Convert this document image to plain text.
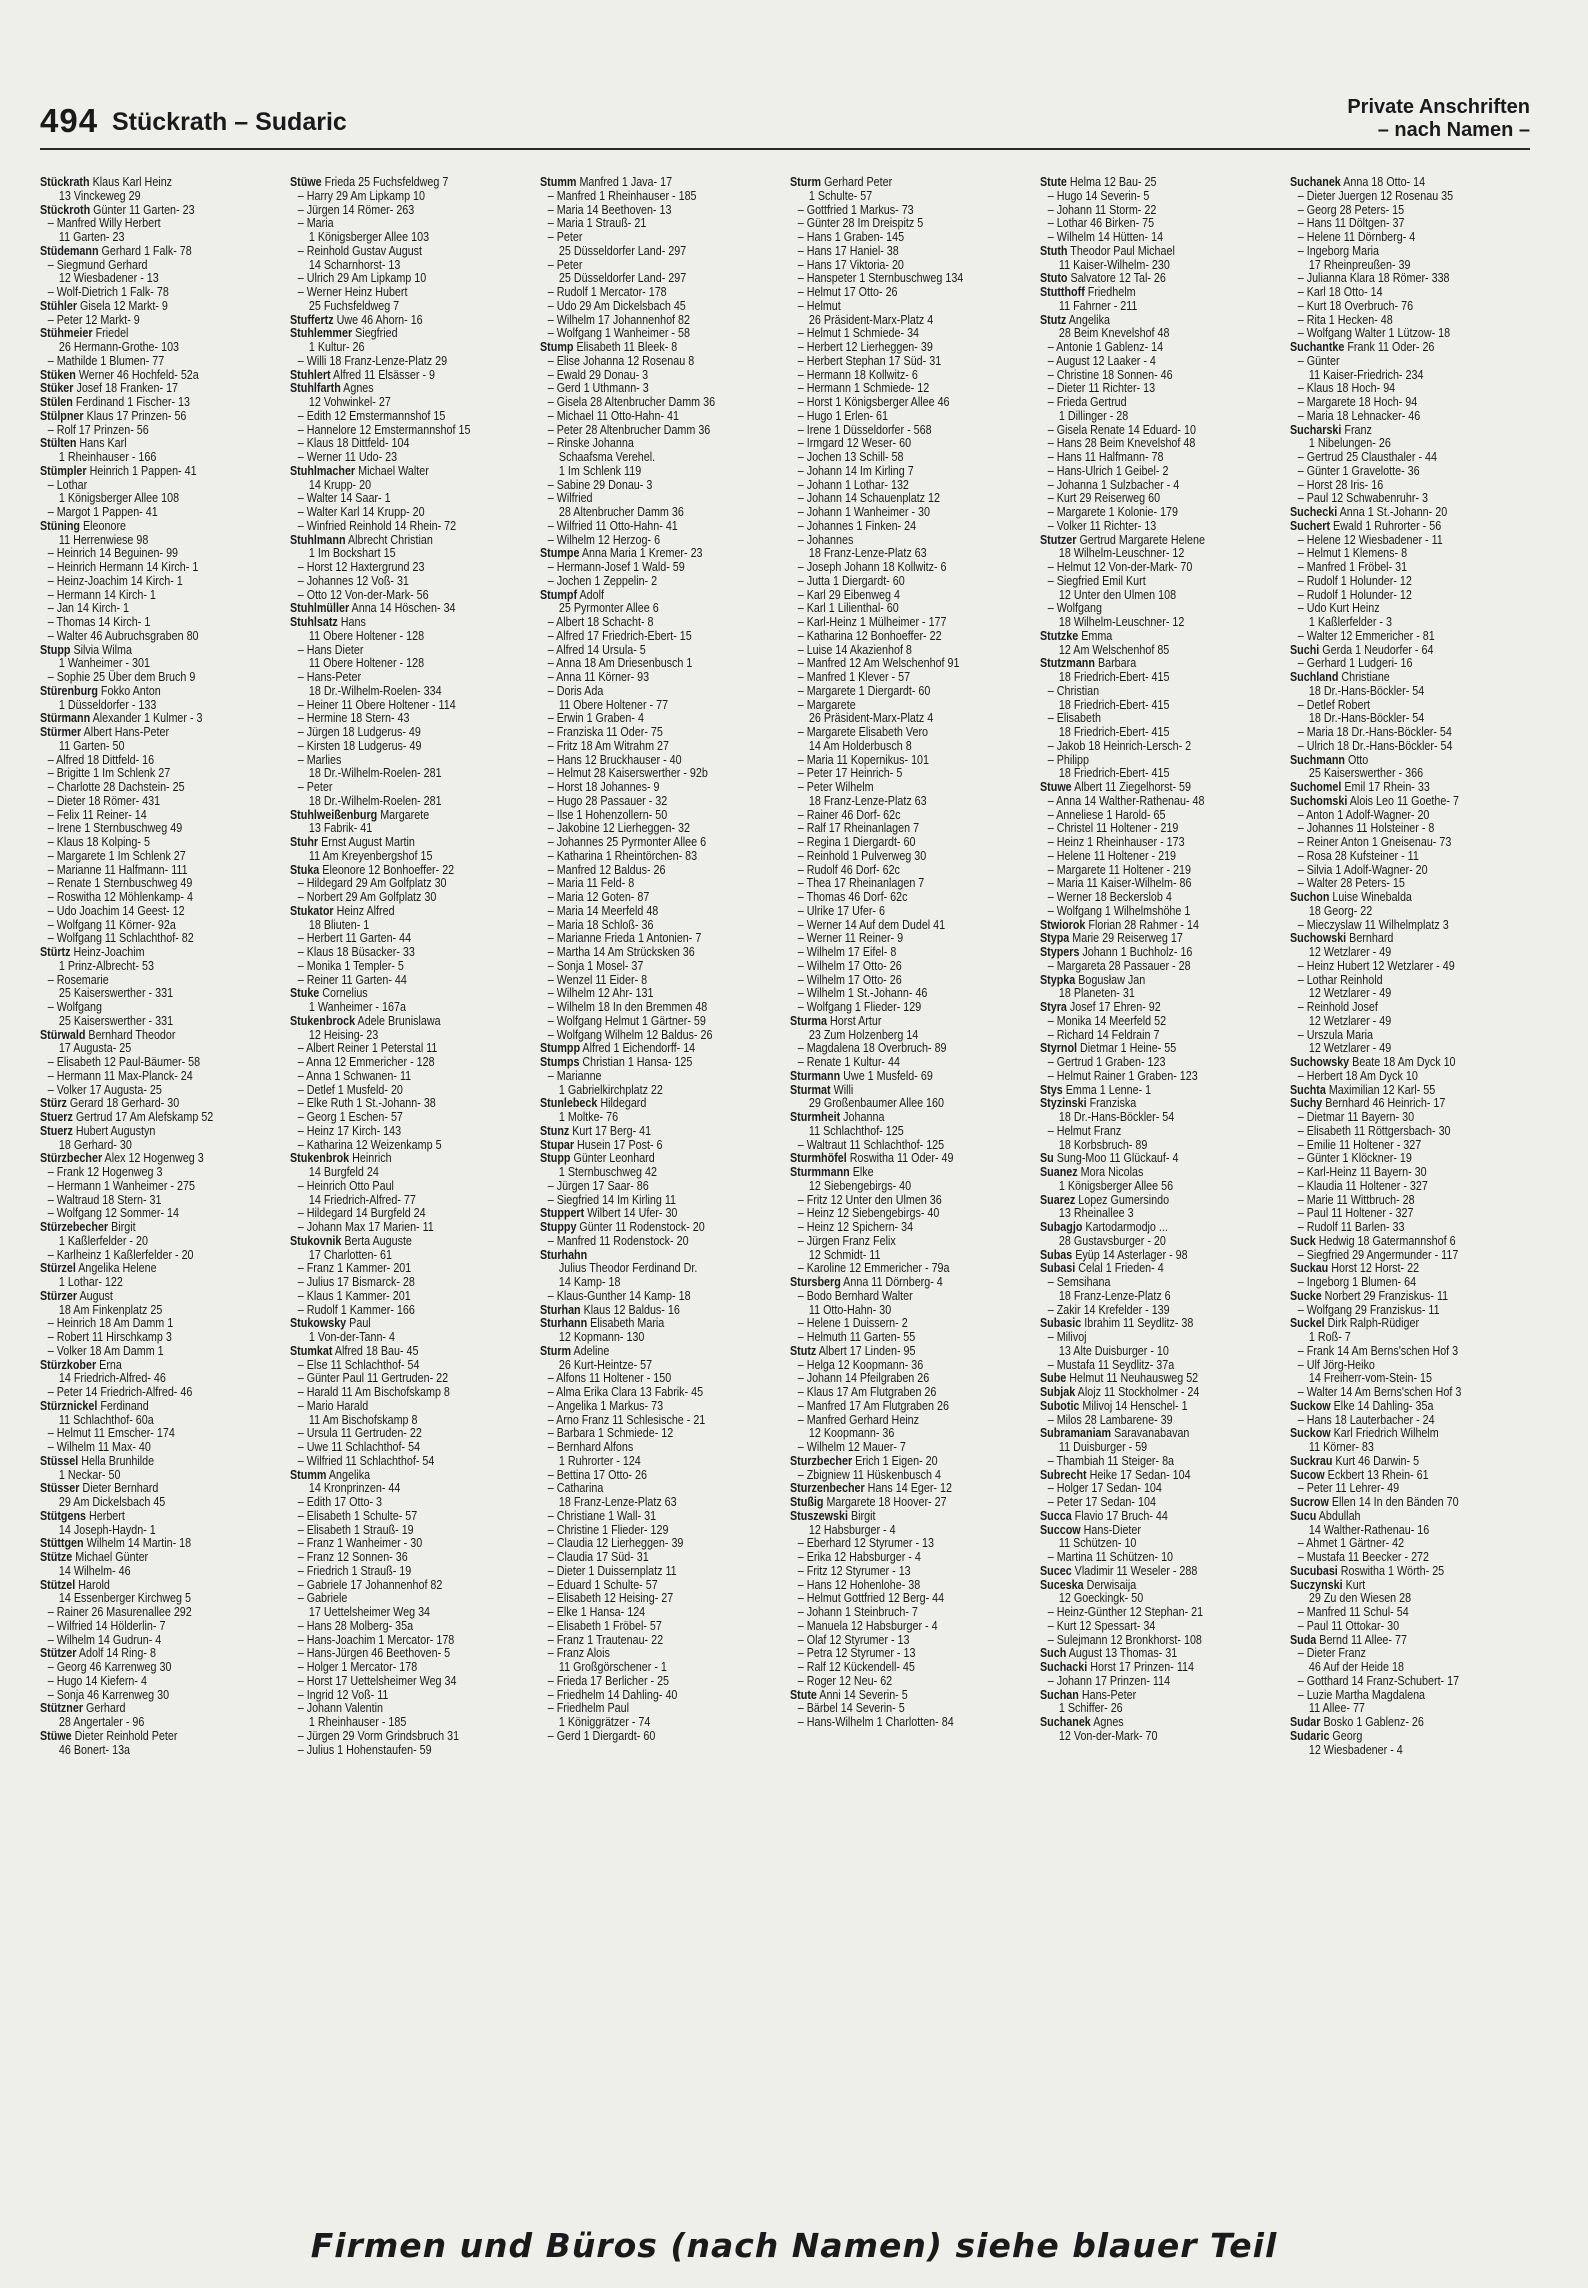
494 Stückrath – Sudaric
Private Anschriften
– nach Namen –
Stückrath Klaus Karl Heinz
13 Vinckeweg 29
Stückroth Günter 11 Garten- 23
– Manfred Willy Herbert
11 Garten- 23
Stüdemann Gerhard 1 Falk- 78
– Siegmund Gerhard
12 Wiesbadener - 13
– Wolf-Dietrich 1 Falk- 78
Stühler Gisela 12 Markt- 9
– Peter 12 Markt- 9
Stühmeier Friedel
26 Hermann-Grothe- 103
– Mathilde 1 Blumen- 77
Stüken Werner 46 Hochfeld- 52a
Stüker Josef 18 Franken- 17
Stülen Ferdinand 1 Fischer- 13
Stülpner Klaus 17 Prinzen- 56
– Rolf 17 Prinzen- 56
Stülten Hans Karl
1 Rheinhauser - 166
Stümpler Heinrich 1 Pappen- 41
– Lothar
1 Königsberger Allee 108
– Margot 1 Pappen- 41
Stüning Eleonore
11 Herrenwiese 98
– Heinrich 14 Beguinen- 99
– Heinrich Hermann 14 Kirch- 1
– Heinz-Joachim 14 Kirch- 1
– Hermann 14 Kirch- 1
– Jan 14 Kirch- 1
– Thomas 14 Kirch- 1
– Walter 46 Aubruchsgraben 80
Stupp Silvia Wilma
1 Wanheimer - 301
– Sophie 25 Über dem Bruch 9
Stürenburg Fokko Anton
1 Düsseldorfer - 133
Stürmann Alexander 1 Kulmer - 3
Stürmer Albert Hans-Peter
11 Garten- 50
– Alfred 18 Dittfeld- 16
– Brigitte 1 Im Schlenk 27
– Charlotte 28 Dachstein- 25
– Dieter 18 Römer- 431
– Felix 11 Reiner- 14
– Irene 1 Sternbuschweg 49
– Klaus 18 Kolping- 5
– Margarete 1 Im Schlenk 27
– Marianne 11 Halfmann- 111
– Renate 1 Sternbuschweg 49
– Roswitha 12 Möhlenkamp- 4
– Udo Joachim 14 Geest- 12
– Wolfgang 11 Körner- 92a
– Wolfgang 11 Schlachthof- 82
Stürtz Heinz-Joachim
1 Prinz-Albrecht- 53
– Rosemarie
25 Kaiserswerther - 331
– Wolfgang
25 Kaiserswerther - 331
Stürwald Bernhard Theodor
17 Augusta- 25
– Elisabeth 12 Paul-Bäumer- 58
– Hermann 11 Max-Planck- 24
– Volker 17 Augusta- 25
Stürz Gerard 18 Gerhard- 30
Stuerz Gertrud 17 Am Alefskamp 52
Stuerz Hubert Augustyn
18 Gerhard- 30
Stürzbecher Alex 12 Hogenweg 3
– Frank 12 Hogenweg 3
– Hermann 1 Wanheimer - 275
– Waltraud 18 Stern- 31
– Wolfgang 12 Sommer- 14
Stürzebecher Birgit
1 Kaßlerfelder - 20
– Karlheinz 1 Kaßlerfelder - 20
Stürzel Angelika Helene
1 Lothar- 122
Stürzer August
18 Am Finkenplatz 25
– Heinrich 18 Am Damm 1
– Robert 11 Hirschkamp 3
– Volker 18 Am Damm 1
Stürzkober Erna
14 Friedrich-Alfred- 46
– Peter 14 Friedrich-Alfred- 46
Stürznickel Ferdinand
11 Schlachthof- 60a
– Helmut 11 Emscher- 174
– Wilhelm 11 Max- 40
Stüssel Hella Brunhilde
1 Neckar- 50
Stüsser Dieter Bernhard
29 Am Dickelsbach 45
Stütgens Herbert
14 Joseph-Haydn- 1
Stüttgen Wilhelm 14 Martin- 18
Stütze Michael Günter
14 Wilhelm- 46
Stützel Harold
14 Essenberger Kirchweg 5
– Rainer 26 Masurenallee 292
– Wilfried 14 Hölderlin- 7
– Wilhelm 14 Gudrun- 4
Stützer Adolf 14 Ring- 8
– Georg 46 Karrenweg 30
– Hugo 14 Kiefern- 4
– Sonja 46 Karrenweg 30
Stützner Gerhard
28 Angertaler - 96
Stüwe Dieter Reinhold Peter
46 Bonert- 13a
Stüwe Frieda 25 Fuchsfeldweg 7
– Harry 29 Am Lipkamp 10
– Jürgen 14 Römer- 263
– Maria
1 Königsberger Allee 103
– Reinhold Gustav August
14 Scharnhorst- 13
– Ulrich 29 Am Lipkamp 10
– Werner Heinz Hubert
25 Fuchsfeldweg 7
Stuffertz Uwe 46 Ahorn- 16
Stuhlemmer Siegfried
1 Kultur- 26
– Willi 18 Franz-Lenze-Platz 29
Stuhlert Alfred 11 Elsässer - 9
Stuhlfarth Agnes
12 Vohwinkel- 27
– Edith 12 Emstermannshof 15
– Hannelore 12 Emstermannshof 15
– Klaus 18 Dittfeld- 104
– Werner 11 Udo- 23
Stuhlmacher Michael Walter
14 Krupp- 20
– Walter 14 Saar- 1
– Walter Karl 14 Krupp- 20
– Winfried Reinhold 14 Rhein- 72
Stuhlmann Albrecht Christian
1 Im Bockshart 15
– Horst 12 Haxtergrund 23
– Johannes 12 Voß- 31
– Otto 12 Von-der-Mark- 56
Stuhlmüller Anna 14 Höschen- 34
Stuhlsatz Hans
11 Obere Holtener - 128
– Hans Dieter
11 Obere Holtener - 128
– Hans-Peter
18 Dr.-Wilhelm-Roelen- 334
– Heiner 11 Obere Holtener - 114
– Hermine 18 Stern- 43
– Jürgen 18 Ludgerus- 49
– Kirsten 18 Ludgerus- 49
– Marlies
18 Dr.-Wilhelm-Roelen- 281
– Peter
18 Dr.-Wilhelm-Roelen- 281
Stuhlweißenburg Margarete
13 Fabrik- 41
Stuhr Ernst August Martin
11 Am Kreyenbergshof 15
Stuka Eleonore 12 Bonhoeffer- 22
– Hildegard 29 Am Golfplatz 30
– Norbert 29 Am Golfplatz 30
Stukator Heinz Alfred
18 Bliuten- 1
– Herbert 11 Garten- 44
– Klaus 18 Büsacker- 33
– Monika 1 Templer- 5
– Reiner 11 Garten- 44
Stuke Cornelius
1 Wanheimer - 167a
Stukenbrock Adele Brunislawa
12 Heising- 23
– Albert Reiner 1 Peterstal 11
– Anna 12 Emmericher - 128
– Anna 1 Schwanen- 11
– Detlef 1 Musfeld- 20
– Elke Ruth 1 St.-Johann- 38
– Georg 1 Eschen- 57
– Heinz 17 Kirch- 143
– Katharina 12 Weizenkamp 5
Stukenbrok Heinrich
14 Burgfeld 24
– Heinrich Otto Paul
14 Friedrich-Alfred- 77
– Hildegard 14 Burgfeld 24
– Johann Max 17 Marien- 11
Stukovnik Berta Auguste
17 Charlotten- 61
– Franz 1 Kammer- 201
– Julius 17 Bismarck- 28
– Klaus 1 Kammer- 201
– Rudolf 1 Kammer- 166
Stukowsky Paul
1 Von-der-Tann- 4
Stumkat Alfred 18 Bau- 45
– Else 11 Schlachthof- 54
– Günter Paul 11 Gertruden- 22
– Harald 11 Am Bischofskamp 8
– Mario Harald
11 Am Bischofskamp 8
– Ursula 11 Gertruden- 22
– Uwe 11 Schlachthof- 54
– Wilfried 11 Schlachthof- 54
Stumm Angelika
14 Kronprinzen- 44
– Edith 17 Otto- 3
– Elisabeth 1 Schulte- 57
– Elisabeth 1 Strauß- 19
– Franz 1 Wanheimer - 30
– Franz 12 Sonnen- 36
– Friedrich 1 Strauß- 19
– Gabriele 17 Johannenhof 82
– Gabriele
17 Uettelsheimer Weg 34
– Hans 28 Molberg- 35a
– Hans-Joachim 1 Mercator- 178
– Hans-Jürgen 46 Beethoven- 5
– Holger 1 Mercator- 178
– Horst 17 Uettelsheimer Weg 34
– Ingrid 12 Voß- 11
– Johann Valentin
1 Rheinhauser - 185
– Jürgen 29 Vorm Grindsbruch 31
– Julius 1 Hohenstaufen- 59
Stumm Manfred 1 Java- 17
– Manfred 1 Rheinhauser - 185
– Maria 14 Beethoven- 13
– Maria 1 Strauß- 21
– Peter
25 Düsseldorfer Land- 297
– Peter
25 Düsseldorfer Land- 297
– Rudolf 1 Mercator- 178
– Udo 29 Am Dickelsbach 45
– Wilhelm 17 Johannenhof 82
– Wolfgang 1 Wanheimer - 58
Stump Elisabeth 11 Bleek- 8
– Elise Johanna 12 Rosenau 8
– Ewald 29 Donau- 3
– Gerd 1 Uthmann- 3
– Gisela 28 Altenbrucher Damm 36
– Michael 11 Otto-Hahn- 41
– Peter 28 Altenbrucher Damm 36
– Rinske Johanna
Schaafsma Verehel.
1 Im Schlenk 119
– Sabine 29 Donau- 3
– Wilfried
28 Altenbrucher Damm 36
– Wilfried 11 Otto-Hahn- 41
– Wilhelm 12 Herzog- 6
Stumpe Anna Maria 1 Kremer- 23
– Hermann-Josef 1 Wald- 59
– Jochen 1 Zeppelin- 2
Stumpf Adolf
25 Pyrmonter Allee 6
– Albert 18 Schacht- 8
– Alfred 17 Friedrich-Ebert- 15
– Alfred 14 Ursula- 5
– Anna 18 Am Driesenbusch 1
– Anna 11 Körner- 93
– Doris Ada
11 Obere Holtener - 77
– Erwin 1 Graben- 4
– Franziska 11 Oder- 75
– Fritz 18 Am Witrahm 27
– Hans 12 Bruckhauser - 40
– Helmut 28 Kaiserswerther - 92b
– Horst 18 Johannes- 9
– Hugo 28 Passauer - 32
– Ilse 1 Hohenzollern- 50
– Jakobine 12 Lierheggen- 32
– Johannes 25 Pyrmonter Allee 6
– Katharina 1 Rheintörchen- 83
– Manfred 12 Baldus- 26
– Maria 11 Feld- 8
– Maria 12 Goten- 87
– Maria 14 Meerfeld 48
– Maria 18 Schloß- 36
– Marianne Frieda 1 Antonien- 7
– Martha 14 Am Strücksken 36
– Sonja 1 Mosel- 37
– Wenzel 11 Eider- 8
– Wilhelm 12 Ahr- 131
– Wilhelm 18 In den Bremmen 48
– Wolfgang Helmut 1 Gärtner- 59
– Wolfgang Wilhelm 12 Baldus- 26
Stumpp Alfred 1 Eichendorff- 14
Stumps Christian 1 Hansa- 125
– Marianne
1 Gabrielkirchplatz 22
Stunlebeck Hildegard
1 Moltke- 76
Stunz Kurt 17 Berg- 41
Stupar Husein 17 Post- 6
Stupp Günter Leonhard
1 Sternbuschweg 42
– Jürgen 17 Saar- 86
– Siegfried 14 Im Kirling 11
Stuppert Wilbert 14 Ufer- 30
Stuppy Günter 11 Rodenstock- 20
– Manfred 11 Rodenstock- 20
Sturhahn
Julius Theodor Ferdinand Dr.
14 Kamp- 18
– Klaus-Gunther 14 Kamp- 18
Sturhan Klaus 12 Baldus- 16
Sturhann Elisabeth Maria
12 Kopmann- 130
Sturm Adeline
26 Kurt-Heintze- 57
– Alfons 11 Holtener - 150
– Alma Erika Clara 13 Fabrik- 45
– Angelika 1 Markus- 73
– Arno Franz 11 Schlesische - 21
– Barbara 1 Schmiede- 12
– Bernhard Alfons
1 Ruhrorter - 124
– Bettina 17 Otto- 26
– Catharina
18 Franz-Lenze-Platz 63
– Christiane 1 Wall- 31
– Christine 1 Flieder- 129
– Claudia 12 Lierheggen- 39
– Claudia 17 Süd- 31
– Dieter 1 Duissernplatz 11
– Eduard 1 Schulte- 57
– Elisabeth 12 Heising- 27
– Elke 1 Hansa- 124
– Elisabeth 1 Fröbel- 57
– Franz 1 Trautenau- 22
– Franz Alois
11 Großgörschener - 1
– Frieda 17 Berlicher - 25
– Friedhelm 14 Dahling- 40
– Friedhelm Paul
1 Königgrätzer - 74
– Gerd 1 Diergardt- 60
Sturm Gerhard Peter
1 Schulte- 57
– Gottfried 1 Markus- 73
– Günter 28 Im Dreispitz 5
– Hans 1 Graben- 145
– Hans 17 Haniel- 38
– Hans 17 Viktoria- 20
– Hanspeter 1 Sternbuschweg 134
– Helmut 17 Otto- 26
– Helmut
26 Präsident-Marx-Platz 4
– Helmut 1 Schmiede- 34
– Herbert 12 Lierheggen- 39
– Herbert Stephan 17 Süd- 31
– Hermann 18 Kollwitz- 6
– Hermann 1 Schmiede- 12
– Horst 1 Königsberger Allee 46
– Hugo 1 Erlen- 61
– Irene 1 Düsseldorfer - 568
– Irmgard 12 Weser- 60
– Jochen 13 Schill- 58
– Johann 14 Im Kirling 7
– Johann 1 Lothar- 132
– Johann 14 Schauenplatz 12
– Johann 1 Wanheimer - 30
– Johannes 1 Finken- 24
– Johannes
18 Franz-Lenze-Platz 63
– Joseph Johann 18 Kollwitz- 6
– Jutta 1 Diergardt- 60
– Karl 29 Eibenweg 4
– Karl 1 Lilienthal- 60
– Karl-Heinz 1 Mülheimer - 177
– Katharina 12 Bonhoeffer- 22
– Luise 14 Akazienhof 8
– Manfred 12 Am Welschenhof 91
– Manfred 1 Klever - 57
– Margarete 1 Diergardt- 60
– Margarete
26 Präsident-Marx-Platz 4
– Margarete Elisabeth Vero
14 Am Holderbusch 8
– Maria 11 Kopernikus- 101
– Peter 17 Heinrich- 5
– Peter Wilhelm
18 Franz-Lenze-Platz 63
– Rainer 46 Dorf- 62c
– Ralf 17 Rheinanlagen 7
– Regina 1 Diergardt- 60
– Reinhold 1 Pulverweg 30
– Rudolf 46 Dorf- 62c
– Thea 17 Rheinanlagen 7
– Thomas 46 Dorf- 62c
– Ulrike 17 Ufer- 6
– Werner 14 Auf dem Dudel 41
– Werner 11 Reiner- 9
– Wilhelm 17 Eifel- 8
– Wilhelm 17 Otto- 26
– Wilhelm 17 Otto- 26
– Wilhelm 1 St.-Johann- 46
– Wolfgang 1 Flieder- 129
Sturma Horst Artur
23 Zum Holzenberg 14
– Magdalena 18 Overbruch- 89
– Renate 1 Kultur- 44
Sturmann Uwe 1 Musfeld- 69
Sturmat Willi
29 Großenbaumer Allee 160
Sturmheit Johanna
11 Schlachthof- 125
– Waltraut 11 Schlachthof- 125
Sturmhöfel Roswitha 11 Oder- 49
Sturmmann Elke
12 Siebengebirgs- 40
– Fritz 12 Unter den Ulmen 36
– Heinz 12 Siebengebirgs- 40
– Heinz 12 Spichern- 34
– Jürgen Franz Felix
12 Schmidt- 11
– Karoline 12 Emmericher - 79a
Stursberg Anna 11 Dörnberg- 4
– Bodo Bernhard Walter
11 Otto-Hahn- 30
– Helene 1 Duissern- 2
– Helmuth 11 Garten- 55
Stutz Albert 17 Linden- 95
– Helga 12 Koopmann- 36
– Johann 14 Pfeilgraben 26
– Klaus 17 Am Flutgraben 26
– Manfred 17 Am Flutgraben 26
– Manfred Gerhard Heinz
12 Koopmann- 36
– Wilhelm 12 Mauer- 7
Sturzbecher Erich 1 Eigen- 20
– Zbigniew 11 Hüskenbusch 4
Sturzenbecher Hans 14 Eger- 12
Stußig Margarete 18 Hoover- 27
Stuszewski Birgit
12 Habsburger - 4
– Eberhard 12 Styrumer - 13
– Erika 12 Habsburger - 4
– Fritz 12 Styrumer - 13
– Hans 12 Hohenlohe- 38
– Helmut Gottfried 12 Berg- 44
– Johann 1 Steinbruch- 7
– Manuela 12 Habsburger - 4
– Olaf 12 Styrumer - 13
– Petra 12 Styrumer - 13
– Ralf 12 Kückendell- 45
– Roger 12 Neu- 62
Stute Anni 14 Severin- 5
– Bärbel 14 Severin- 5
– Hans-Wilhelm 1 Charlotten- 84
Stute Helma 12 Bau- 25
– Hugo 14 Severin- 5
– Johann 11 Storm- 22
– Lothar 46 Birken- 75
– Wilhelm 14 Hütten- 14
Stuth Theodor Paul Michael
11 Kaiser-Wilhelm- 230
Stuto Salvatore 12 Tal- 26
Stutthoff Friedhelm
11 Fahrner - 211
Stutz Angelika
28 Beim Knevelshof 48
– Antonie 1 Gablenz- 14
– August 12 Laaker - 4
– Christine 18 Sonnen- 46
– Dieter 11 Richter- 13
– Frieda Gertrud
1 Dillinger - 28
– Gisela Renate 14 Eduard- 10
– Hans 28 Beim Knevelshof 48
– Hans 11 Halfmann- 78
– Hans-Ulrich 1 Geibel- 2
– Johanna 1 Sulzbacher - 4
– Kurt 29 Reiserweg 60
– Margarete 1 Kolonie- 179
– Volker 11 Richter- 13
Stutzer Gertrud Margarete Helene
18 Wilhelm-Leuschner- 12
– Helmut 12 Von-der-Mark- 70
– Siegfried Emil Kurt
12 Unter den Ulmen 108
– Wolfgang
18 Wilhelm-Leuschner- 12
Stutzke Emma
12 Am Welschenhof 85
Stutzmann Barbara
18 Friedrich-Ebert- 415
– Christian
18 Friedrich-Ebert- 415
– Elisabeth
18 Friedrich-Ebert- 415
– Jakob 18 Heinrich-Lersch- 2
– Philipp
18 Friedrich-Ebert- 415
Stuwe Albert 11 Ziegelhorst- 59
– Anna 14 Walther-Rathenau- 48
– Anneliese 1 Harold- 65
– Christel 11 Holtener - 219
– Heinz 1 Rheinhauser - 173
– Helene 11 Holtener - 219
– Margarete 11 Holtener - 219
– Maria 11 Kaiser-Wilhelm- 86
– Werner 18 Beckerslob 4
– Wolfgang 1 Wilhelmshöhe 1
Stwiorok Florian 28 Rahmer - 14
Stypa Marie 29 Reiserweg 17
Stypers Johann 1 Buchholz- 16
– Margareta 28 Passauer - 28
Stypka Bogusław Jan
18 Planeten- 31
Styra Josef 17 Ehren- 92
– Monika 14 Meerfeld 52
– Richard 14 Feldrain 7
Styrnol Dietmar 1 Heine- 55
– Gertrud 1 Graben- 123
– Helmut Rainer 1 Graben- 123
Stys Emma 1 Lenne- 1
Styzinski Franziska
18 Dr.-Hans-Böckler- 54
– Helmut Franz
18 Korbsbruch- 89
Su Sung-Moo 11 Glückauf- 4
Suanez Mora Nicolas
1 Königsberger Allee 56
Suarez Lopez Gumersindo
13 Rheinallee 3
Subagjo Kartodarmodjo ...
28 Gustavsburger - 20
Subas Eyüp 14 Asterlager - 98
Subasi Celal 1 Frieden- 4
– Semsihana
18 Franz-Lenze-Platz 6
– Zakir 14 Krefelder - 139
Subasic Ibrahim 11 Seydlitz- 38
– Milivoj
13 Alte Duisburger - 10
– Mustafa 11 Seydlitz- 37a
Sube Helmut 11 Neuhausweg 52
Subjak Alojz 11 Stockholmer - 24
Subotic Milivoj 14 Henschel- 1
– Milos 28 Lambarene- 39
Subramaniam Saravanabavan
11 Duisburger - 59
– Thambiah 11 Steiger- 8a
Subrecht Heike 17 Sedan- 104
– Holger 17 Sedan- 104
– Peter 17 Sedan- 104
Succa Flavio 17 Bruch- 44
Succow Hans-Dieter
11 Schützen- 10
– Martina 11 Schützen- 10
Sucec Vladimir 11 Weseler - 288
Suceska Derwisaija
12 Goeckingk- 50
– Heinz-Günther 12 Stephan- 21
– Kurt 12 Spessart- 34
– Sulejmann 12 Bronkhorst- 108
Such August 13 Thomas- 31
Suchacki Horst 17 Prinzen- 114
– Johann 17 Prinzen- 114
Suchan Hans-Peter
1 Schiffer- 26
Suchanek Agnes
12 Von-der-Mark- 70
Suchanek Anna 18 Otto- 14
– Dieter Juergen 12 Rosenau 35
– Georg 28 Peters- 15
– Hans 11 Döltgen- 37
– Helene 11 Dörnberg- 4
– Ingeborg Maria
17 Rheinpreußen- 39
– Julianna Klara 18 Römer- 338
– Karl 18 Otto- 14
– Kurt 18 Overbruch- 76
– Rita 1 Hecken- 48
– Wolfgang Walter 1 Lützow- 18
Suchantke Frank 11 Oder- 26
– Günter
11 Kaiser-Friedrich- 234
– Klaus 18 Hoch- 94
– Margarete 18 Hoch- 94
– Maria 18 Lehnacker- 46
Sucharski Franz
1 Nibelungen- 26
– Gertrud 25 Clausthaler - 44
– Günter 1 Gravelotte- 36
– Horst 28 Iris- 16
– Paul 12 Schwabenruhr- 3
Suchecki Anna 1 St.-Johann- 20
Suchert Ewald 1 Ruhrorter - 56
– Helene 12 Wiesbadener - 11
– Helmut 1 Klemens- 8
– Manfred 1 Fröbel- 31
– Rudolf 1 Holunder- 12
– Rudolf 1 Holunder- 12
– Udo Kurt Heinz
1 Kaßlerfelder - 3
– Walter 12 Emmericher - 81
Suchi Gerda 1 Neudorfer - 64
– Gerhard 1 Ludgeri- 16
Suchland Christiane
18 Dr.-Hans-Böckler- 54
– Detlef Robert
18 Dr.-Hans-Böckler- 54
– Maria 18 Dr.-Hans-Böckler- 54
– Ulrich 18 Dr.-Hans-Böckler- 54
Suchmann Otto
25 Kaiserswerther - 366
Suchomel Emil 17 Rhein- 33
Suchomski Alois Leo 11 Goethe- 7
– Anton 1 Adolf-Wagner- 20
– Johannes 11 Holsteiner - 8
– Reiner Anton 1 Gneisenau- 73
– Rosa 28 Kufsteiner - 11
– Silvia 1 Adolf-Wagner- 20
– Walter 28 Peters- 15
Suchon Luise Winebalda
18 Georg- 22
– Mieczyslaw 11 Wilhelmplatz 3
Suchowski Bernhard
12 Wetzlarer - 49
– Heinz Hubert 12 Wetzlarer - 49
– Lothar Reinhold
12 Wetzlarer - 49
– Reinhold Josef
12 Wetzlarer - 49
– Urszula Maria
12 Wetzlarer - 49
Suchowsky Beate 18 Am Dyck 10
– Herbert 18 Am Dyck 10
Suchta Maximilian 12 Karl- 55
Suchy Bernhard 46 Heinrich- 17
– Dietmar 11 Bayern- 30
– Elisabeth 11 Röttgersbach- 30
– Emilie 11 Holtener - 327
– Günter 1 Klöckner- 19
– Karl-Heinz 11 Bayern- 30
– Klaudia 11 Holtener - 327
– Marie 11 Wittbruch- 28
– Paul 11 Holtener - 327
– Rudolf 11 Barlen- 33
Suck Hedwig 18 Gatermannshof 6
– Siegfried 29 Angermunder - 117
Suckau Horst 12 Horst- 22
– Ingeborg 1 Blumen- 64
Sucke Norbert 29 Franziskus- 11
– Wolfgang 29 Franziskus- 11
Suckel Dirk Ralph-Rüdiger
1 Roß- 7
– Frank 14 Am Berns'schen Hof 3
– Ulf Jörg-Heiko
14 Freiherr-vom-Stein- 15
– Walter 14 Am Berns'schen Hof 3
Suckow Elke 14 Dahling- 35a
– Hans 18 Lauterbacher - 24
Suckow Karl Friedrich Wilhelm
11 Körner- 83
Suckrau Kurt 46 Darwin- 5
Sucow Eckbert 13 Rhein- 61
– Peter 11 Lehrer- 49
Sucrow Ellen 14 In den Bänden 70
Sucu Abdullah
14 Walther-Rathenau- 16
– Ahmet 1 Gärtner- 42
– Mustafa 11 Beecker - 272
Sucubasi Roswitha 1 Wörth- 25
Suczynski Kurt
29 Zu den Wiesen 28
– Manfred 11 Schul- 54
– Paul 11 Ottokar- 30
Suda Bernd 11 Allee- 77
– Dieter Franz
46 Auf der Heide 18
– Gotthard 14 Franz-Schubert- 17
– Luzie Martha Magdalena
11 Allee- 77
Sudar Bosko 1 Gablenz- 26
Sudaric Georg
12 Wiesbadener - 4
Firmen und Büros (nach Namen) siehe blauer Teil
